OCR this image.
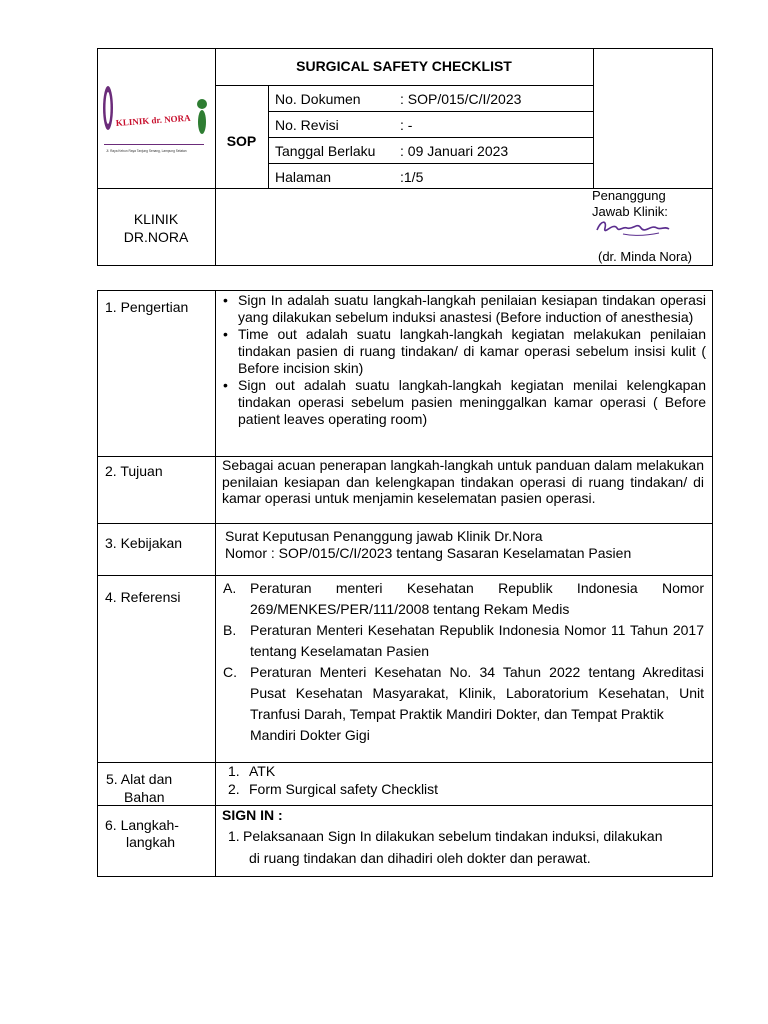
KLINIK dr. NORA
Jl. Raya Kebun Raya Tanjung Senang, Lampung Selatan
SURGICAL SAFETY CHECKLIST
SOP
No. Dokumen	: SOP/015/C/I/2023
No. Revisi	: -
Tanggal Berlaku : 09 Januari 2023
Halaman	:1/5
KLINIK
DR.NORA
Penanggung
Jawab Klinik:
(dr. Minda Nora)
1. Pengertian
•	Sign In adalah suatu langkah-langkah penilaian kesiapan tindakan operasi yang dilakukan sebelum induksi anastesi (Before induction of anesthesia)
• Time out adalah suatu langkah-langkah kegiatan melakukan penilaian tindakan pasien di ruang tindakan/ di kamar operasi sebelum insisi kulit ( Before incision skin)
• Sign out adalah suatu langkah-langkah kegiatan menilai kelengkapan tindakan operasi sebelum pasien meninggalkan kamar operasi ( Before patient leaves operating room)
2. Tujuan	Sebagai acuan penerapan langkah-langkah untuk panduan dalam melakukan penilaian kesiapan dan kelengkapan tindakan operasi di ruang tindakan/ di kamar operasi untuk menjamin keselematan pasien operasi.
3. Kebijakan	Surat Keputusan Penanggung jawab Klinik Dr.Nora
Nomor : SOP/015/C/I/2023 tentang Sasaran Keselamatan Pasien
4. Referensi
A. Peraturan menteri Kesehatan Republik Indonesia Nomor 269/MENKES/PER/111/2008 tentang Rekam Medis
B. Peraturan Menteri Kesehatan Republik Indonesia Nomor 11 Tahun 2017 tentang Keselamatan Pasien
C. Peraturan Menteri Kesehatan No. 34 Tahun 2022 tentang Akreditasi Pusat Kesehatan Masyarakat, Klinik, Laboratorium Kesehatan, Unit Tranfusi Darah, Tempat Praktik Mandiri Dokter, dan Tempat Praktik
Mandiri Dokter Gigi
5. Alat dan
Bahan
1. ATK
2. Form Surgical safety Checklist
6. Langkah-
langkah
SIGN IN :
1. Pelaksanaan Sign In dilakukan sebelum tindakan induksi, dilakukan
di ruang tindakan dan dihadiri oleh dokter dan perawat.
